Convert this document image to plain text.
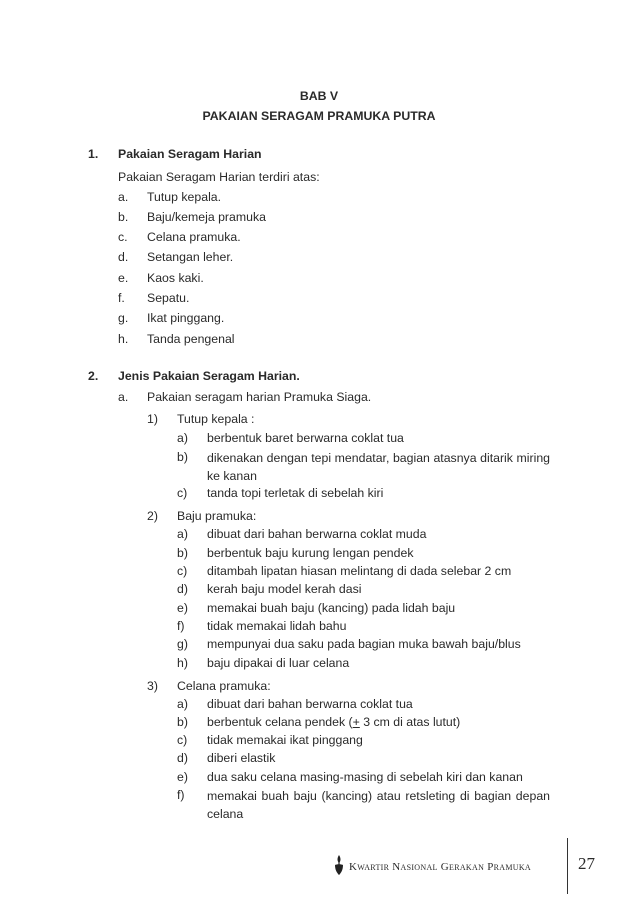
BAB V
PAKAIAN SERAGAM PRAMUKA PUTRA
1. Pakaian Seragam Harian
Pakaian Seragam Harian terdiri atas:
a. Tutup kepala.
b. Baju/kemeja pramuka
c. Celana pramuka.
d. Setangan leher.
e. Kaos kaki.
f. Sepatu.
g. Ikat pinggang.
h. Tanda pengenal
2. Jenis Pakaian Seragam Harian.
a. Pakaian seragam harian Pramuka Siaga.
1) Tutup kepala :
a) berbentuk baret berwarna coklat tua
b) dikenakan dengan tepi mendatar, bagian atasnya ditarik miring ke kanan
c) tanda topi terletak di sebelah kiri
2) Baju pramuka:
a) dibuat dari bahan berwarna coklat muda
b) berbentuk baju kurung lengan pendek
c) ditambah lipatan hiasan melintang di dada selebar 2 cm
d) kerah baju model kerah dasi
e) memakai buah baju (kancing) pada lidah baju
f) tidak memakai lidah bahu
g) mempunyai dua saku pada bagian muka bawah baju/blus
h) baju dipakai di luar celana
3) Celana pramuka:
a) dibuat dari bahan berwarna coklat tua
b) berbentuk celana pendek (+ 3 cm di atas lutut)
c) tidak memakai ikat pinggang
d) diberi elastik
e) dua saku celana masing-masing di sebelah kiri dan kanan
f) memakai buah baju (kancing) atau retsleting di bagian depan celana
Kwartir Nasional Gerakan Pramuka	27
